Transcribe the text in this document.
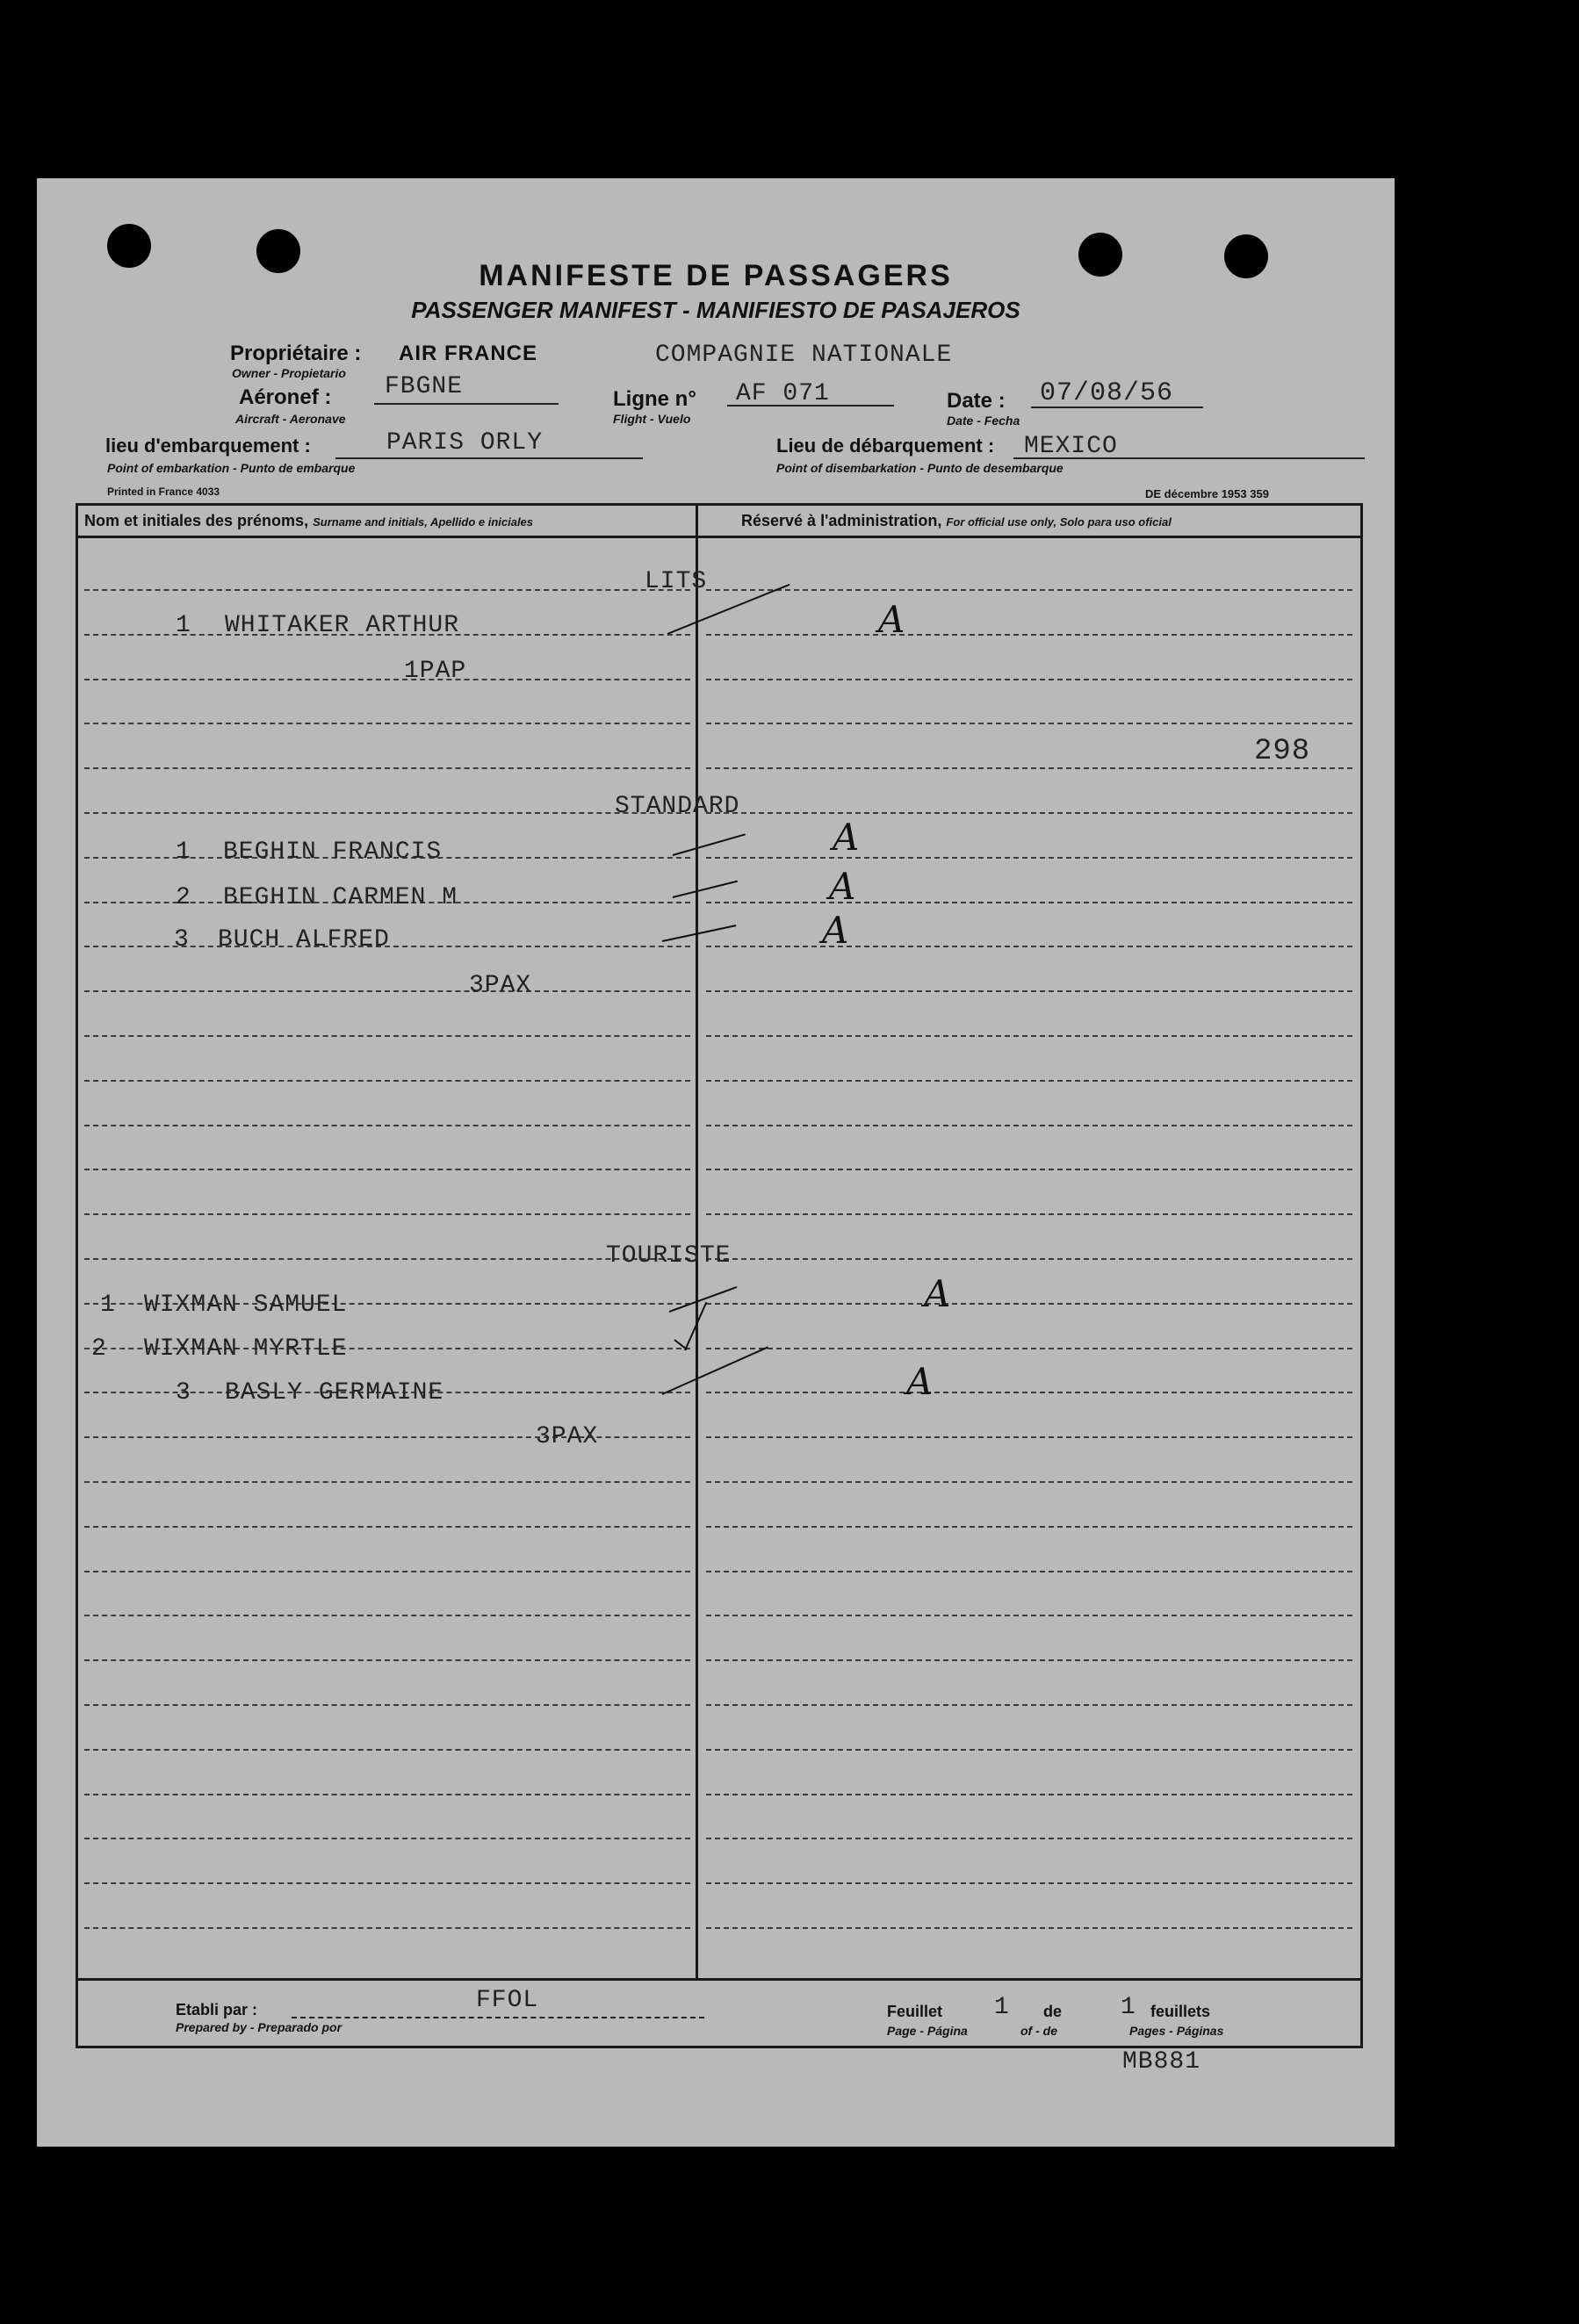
MANIFESTE DE PASSAGERS
PASSENGER MANIFEST - MANIFIESTO DE PASAJEROS
Propriétaire : AIR FRANCE	COMPAGNIE NATIONALE
Owner - Propietario
Aéronef : FBGNE
Aircraft - Aeronave
Ligne n° AF 071
Flight - Vuelo
Date : 07/08/56
Date - Fecha
lieu d'embarquement :	PARIS ORLY
Point of embarkation - Punto de embarque
Lieu de débarquement : MEXICO
Point of disembarkation - Punto de desembarque
Printed in France 4033	DE décembre 1953 359
Nom et initiales des prénoms, Surname and initials, Apellido e iniciales	Réservé à l'administration, For official use only, Solo para uso oficial
LITS
1 WHITAKER ARTHUR	A
1PAP
298
STANDARD
1 BEGHIN FRANCIS	A
2 BEGHIN CARMEN M	A
3 BUCH ALFRED	A
3PAX
TOURISTE
1 WIXMAN SAMUEL	A
2 WIXMAN MYRTLE
3 BASLY GERMAINE	A
3PAX
Etabli par :
Prepared by - Preparado por
FFOL	Feuillet 1 de 1 feuillets
Page - Página	of - de	Pages - Páginas
MB881
